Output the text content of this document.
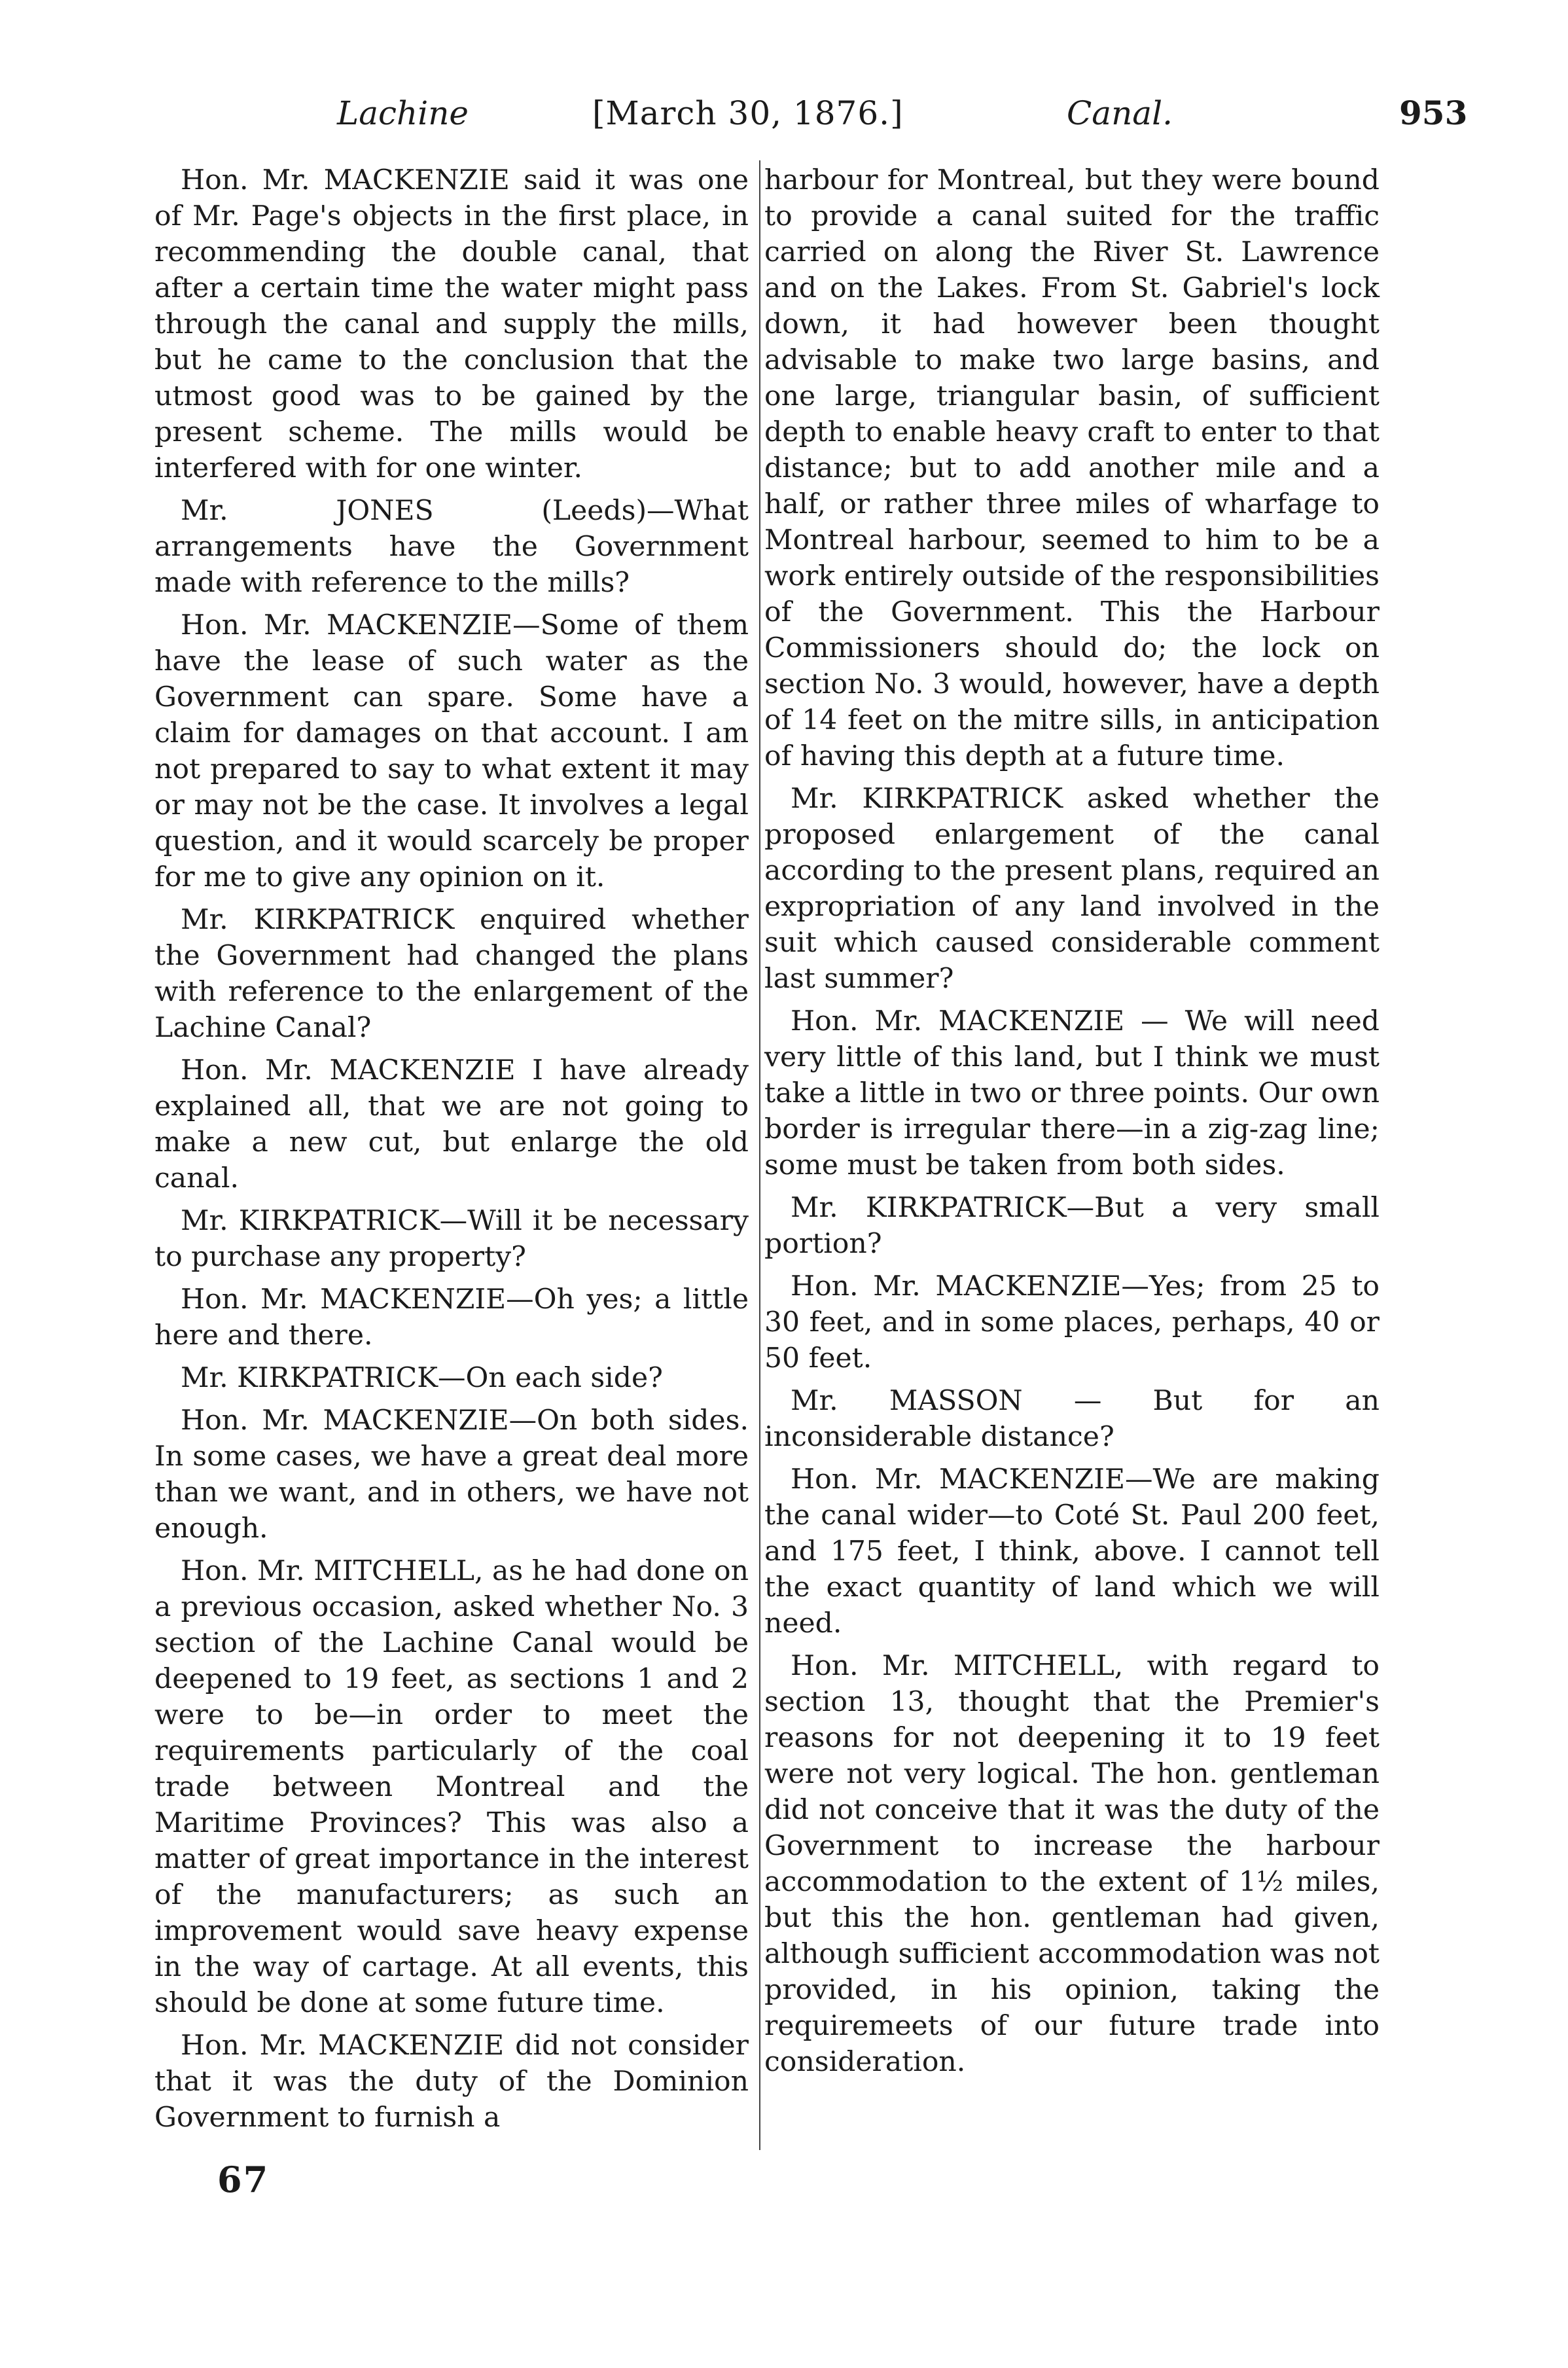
Lachine	[March 30, 1876.]	Canal.	953

Hon. Mr. MACKENZIE said it was one of Mr. Page's objects in the first place, in recommending the double canal, that after a certain time the water might pass through the canal and supply the mills, but he came to the conclusion that the utmost good was to be gained by the present scheme. The mills would be interfered with for one winter.

Mr. JONES (Leeds)—What arrangements have the Government made with reference to the mills?

Hon. Mr. MACKENZIE—Some of them have the lease of such water as the Government can spare. Some have a claim for damages on that account. I am not prepared to say to what extent it may or may not be the case. It involves a legal question, and it would scarcely be proper for me to give any opinion on it.

Mr. KIRKPATRICK enquired whether the Government had changed the plans with reference to the enlargement of the Lachine Canal?

Hon. Mr. MACKENZIE I have already explained all, that we are not going to make a new cut, but enlarge the old canal.

Mr. KIRKPATRICK—Will it be necessary to purchase any property?

Hon. Mr. MACKENZIE—Oh yes; a little here and there.

Mr. KIRKPATRICK—On each side?

Hon. Mr. MACKENZIE—On both sides. In some cases, we have a great deal more than we want, and in others, we have not enough.

Hon. Mr. MITCHELL, as he had done on a previous occasion, asked whether No. 3 section of the Lachine Canal would be deepened to 19 feet, as sections 1 and 2 were to be—in order to meet the requirements particularly of the coal trade between Montreal and the Maritime Provinces? This was also a matter of great importance in the interest of the manufacturers; as such an improvement would save heavy expense in the way of cartage. At all events, this should be done at some future time.

Hon. Mr. MACKENZIE did not consider that it was the duty of the Dominion Government to furnish a

harbour for Montreal, but they were bound to provide a canal suited for the traffic carried on along the River St. Lawrence and on the Lakes. From St. Gabriel's lock down, it had however been thought advisable to make two large basins, and one large, triangular basin, of sufficient depth to enable heavy craft to enter to that distance; but to add another mile and a half, or rather three miles of wharfage to Montreal harbour, seemed to him to be a work entirely outside of the responsibilities of the Government. This the Harbour Commissioners should do; the lock on section No. 3 would, however, have a depth of 14 feet on the mitre sills, in anticipation of having this depth at a future time.

Mr. KIRKPATRICK asked whether the proposed enlargement of the canal according to the present plans, required an expropriation of any land involved in the suit which caused considerable comment last summer?

Hon. Mr. MACKENZIE — We will need very little of this land, but I think we must take a little in two or three points. Our own border is irregular there—in a zig-zag line; some must be taken from both sides.

Mr. KIRKPATRICK—But a very small portion?

Hon. Mr. MACKENZIE—Yes; from 25 to 30 feet, and in some places, perhaps, 40 or 50 feet.

Mr. MASSON — But for an inconsiderable distance?

Hon. Mr. MACKENZIE—We are making the canal wider—to Coté St. Paul 200 feet, and 175 feet, I think, above. I cannot tell the exact quantity of land which we will need.

Hon. Mr. MITCHELL, with regard to section 13, thought that the Premier's reasons for not deepening it to 19 feet were not very logical. The hon. gentleman did not conceive that it was the duty of the Government to increase the harbour accommodation to the extent of 1½ miles, but this the hon. gentleman had given, although sufficient accommodation was not provided, in his opinion, taking the requiremeets of our future trade into consideration.

67
